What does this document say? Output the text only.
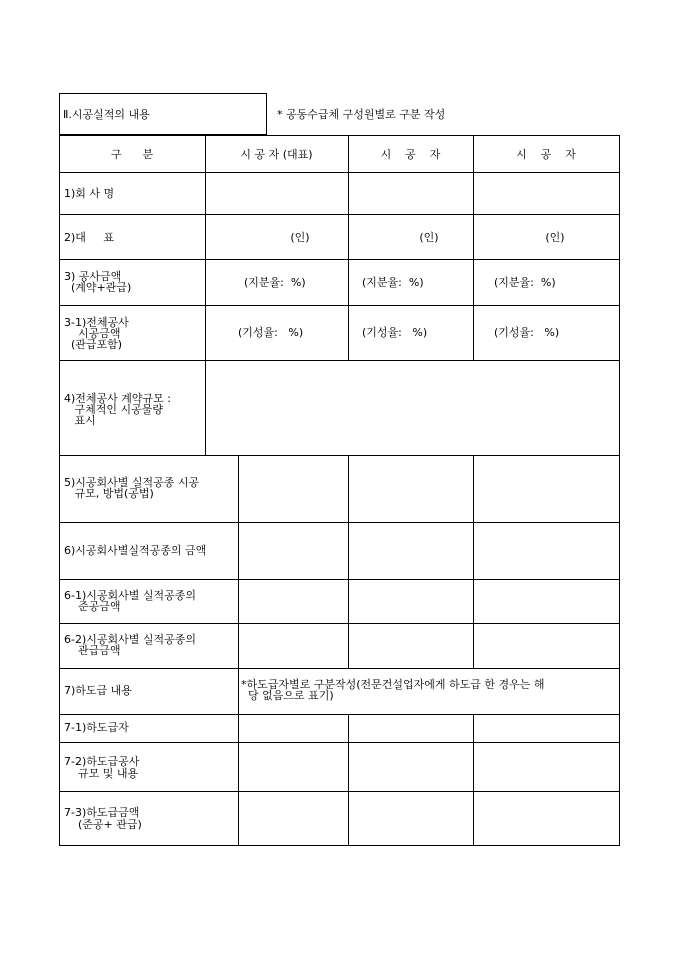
Ⅱ.시공실적의 내용	* 공동수급체 구성원별로 구분 작성
구      분	시 공 자 (대표)	시    공    자	시    공    자
1)회 사 명
2)대     표	(인)	(인)	(인)
3) 공사금액
(계약+관급)	(지분율:  %)	(지분율:  %)	(지분율:  %)
3-1)전체공사
시공금액
(관급포함)
(기성율:   %)	(기성율:   %)	(기성율:   %)
4)전체공사 계약규모 :
구체적인 시공물량
표시
5)시공회사별 실적공종 시공
규모, 방법(공법)
6)시공회사별실적공종의 금액
6-1)시공회사별 실적공종의
준공금액
6-2)시공회사별 실적공종의
관급금액
7)하도급 내용	*하도급자별로 구분작성(전문건설업자에게 하도급 한 경우는 해
당 없음으로 표기)
7-1)하도급자
7-2)하도급공사
규모 및 내용
7-3)하도급금액
(준공+ 관급)
